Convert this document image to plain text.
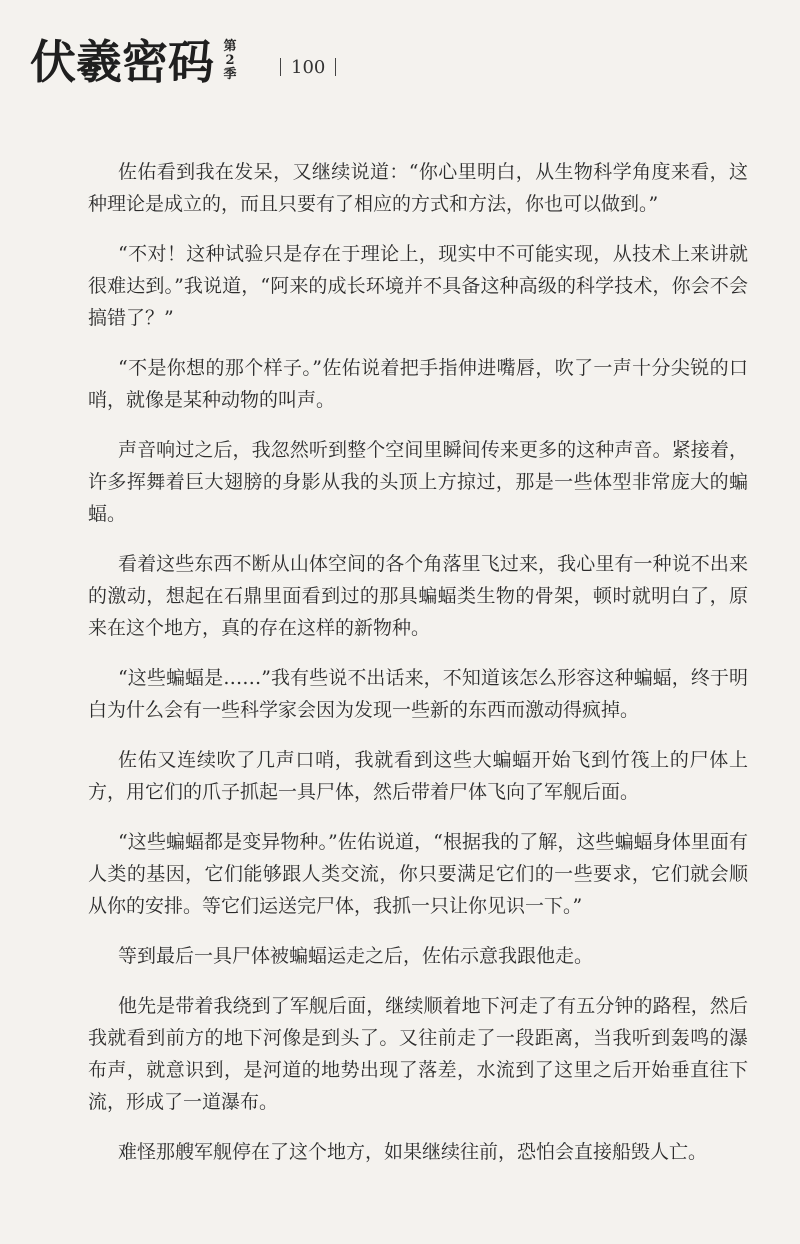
伏羲密码 第2季	100

佐佑看到我在发呆，又继续说道：“你心里明白，从生物科学角度来看，这种理论是成立的，而且只要有了相应的方式和方法，你也可以做到。”

“不对！这种试验只是存在于理论上，现实中不可能实现，从技术上来讲就很难达到。”我说道，“阿来的成长环境并不具备这种高级的科学技术，你会不会搞错了？”

“不是你想的那个样子。”佐佑说着把手指伸进嘴唇，吹了一声十分尖锐的口哨，就像是某种动物的叫声。

声音响过之后，我忽然听到整个空间里瞬间传来更多的这种声音。紧接着，许多挥舞着巨大翅膀的身影从我的头顶上方掠过，那是一些体型非常庞大的蝙蝠。

看着这些东西不断从山体空间的各个角落里飞过来，我心里有一种说不出来的激动，想起在石鼎里面看到过的那具蝙蝠类生物的骨架，顿时就明白了，原来在这个地方，真的存在这样的新物种。

“这些蝙蝠是……”我有些说不出话来，不知道该怎么形容这种蝙蝠，终于明白为什么会有一些科学家会因为发现一些新的东西而激动得疯掉。

佐佑又连续吹了几声口哨，我就看到这些大蝙蝠开始飞到竹筏上的尸体上方，用它们的爪子抓起一具尸体，然后带着尸体飞向了军舰后面。

“这些蝙蝠都是变异物种。”佐佑说道，“根据我的了解，这些蝙蝠身体里面有人类的基因，它们能够跟人类交流，你只要满足它们的一些要求，它们就会顺从你的安排。等它们运送完尸体，我抓一只让你见识一下。”

等到最后一具尸体被蝙蝠运走之后，佐佑示意我跟他走。

他先是带着我绕到了军舰后面，继续顺着地下河走了有五分钟的路程，然后我就看到前方的地下河像是到头了。又往前走了一段距离，当我听到轰鸣的瀑布声，就意识到，是河道的地势出现了落差，水流到了这里之后开始垂直往下流，形成了一道瀑布。

难怪那艘军舰停在了这个地方，如果继续往前，恐怕会直接船毁人亡。
